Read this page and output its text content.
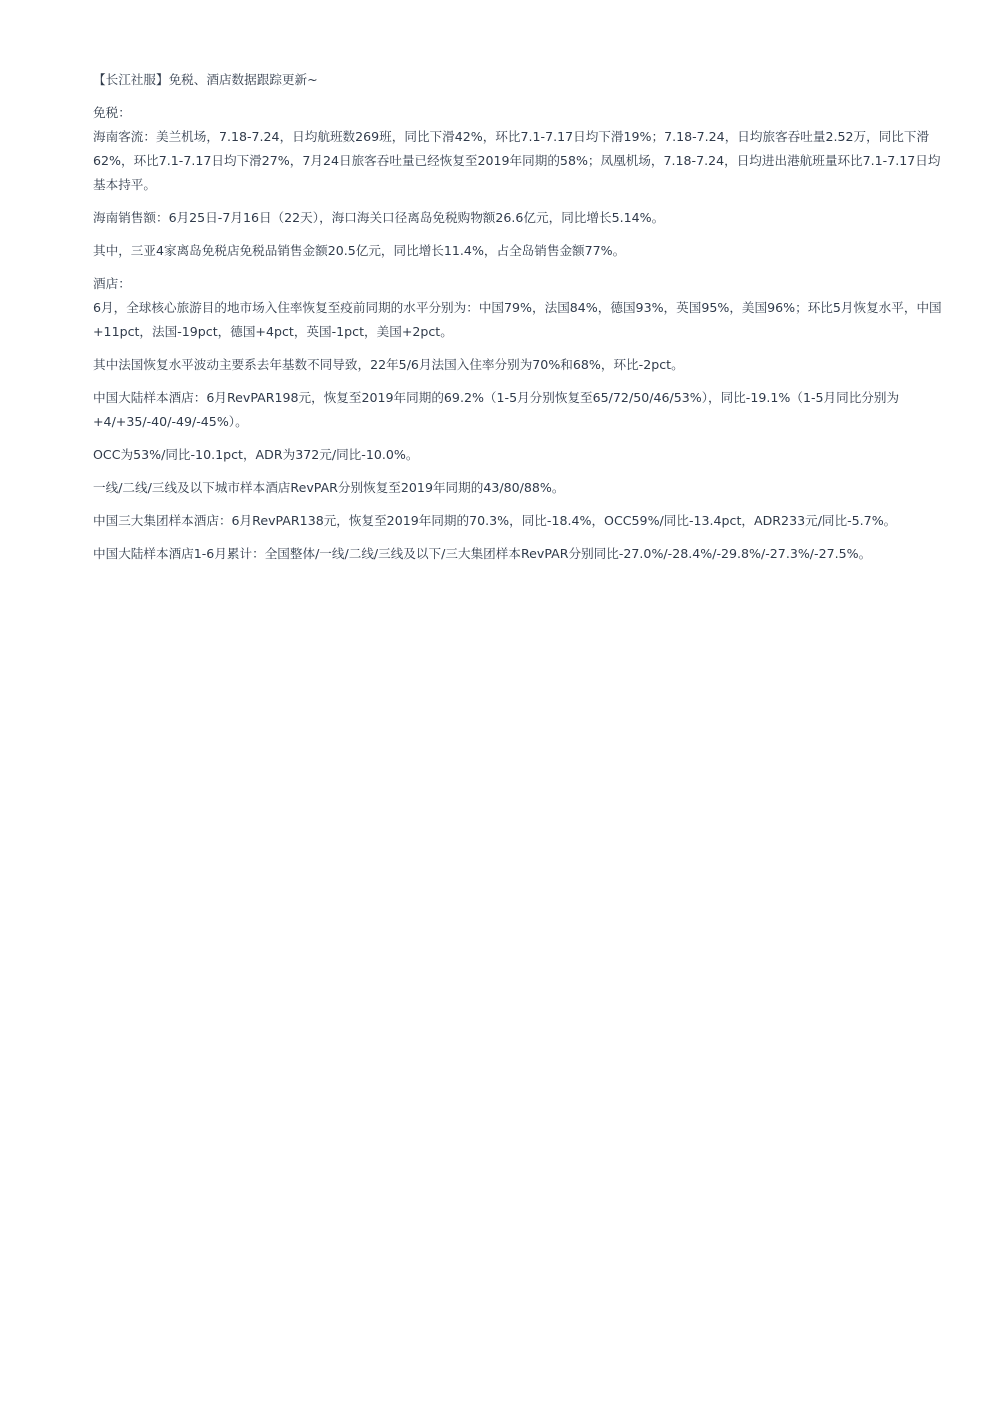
【长江社服】免税、酒店数据跟踪更新~
免税：
海南客流：美兰机场，7.18-7.24，日均航班数269班，同比下滑42%，环比7.1-7.17日均下滑19%；7.18-7.24，日均旅客吞吐量2.52万，同比下滑62%，环比7.1-7.17日均下滑27%，7月24日旅客吞吐量已经恢复至2019年同期的58%；凤凰机场，7.18-7.24，日均进出港航班量环比7.1-7.17日均基本持平。
海南销售额：6月25日-7月16日（22天），海口海关口径离岛免税购物额26.6亿元，同比增长5.14%。
其中，三亚4家离岛免税店免税品销售金额20.5亿元，同比增长11.4%，占全岛销售金额77%。
酒店：
6月，全球核心旅游目的地市场入住率恢复至疫前同期的水平分别为：中国79%，法国84%，德国93%，英国95%，美国96%；环比5月恢复水平，中国+11pct，法国-19pct，德国+4pct，英国-1pct，美国+2pct。
其中法国恢复水平波动主要系去年基数不同导致，22年5/6月法国入住率分别为70%和68%，环比-2pct。
中国大陆样本酒店：6月RevPAR198元，恢复至2019年同期的69.2%（1-5月分别恢复至65/72/50/46/53%），同比-19.1%（1-5月同比分别为+4/+35/-40/-49/-45%）。
OCC为53%/同比-10.1pct，ADR为372元/同比-10.0%。
一线/二线/三线及以下城市样本酒店RevPAR分别恢复至2019年同期的43/80/88%。
中国三大集团样本酒店：6月RevPAR138元，恢复至2019年同期的70.3%，同比-18.4%，OCC59%/同比-13.4pct，ADR233元/同比-5.7%。
中国大陆样本酒店1-6月累计：全国整体/一线/二线/三线及以下/三大集团样本RevPAR分别同比-27.0%/-28.4%/-29.8%/-27.3%/-27.5%。
